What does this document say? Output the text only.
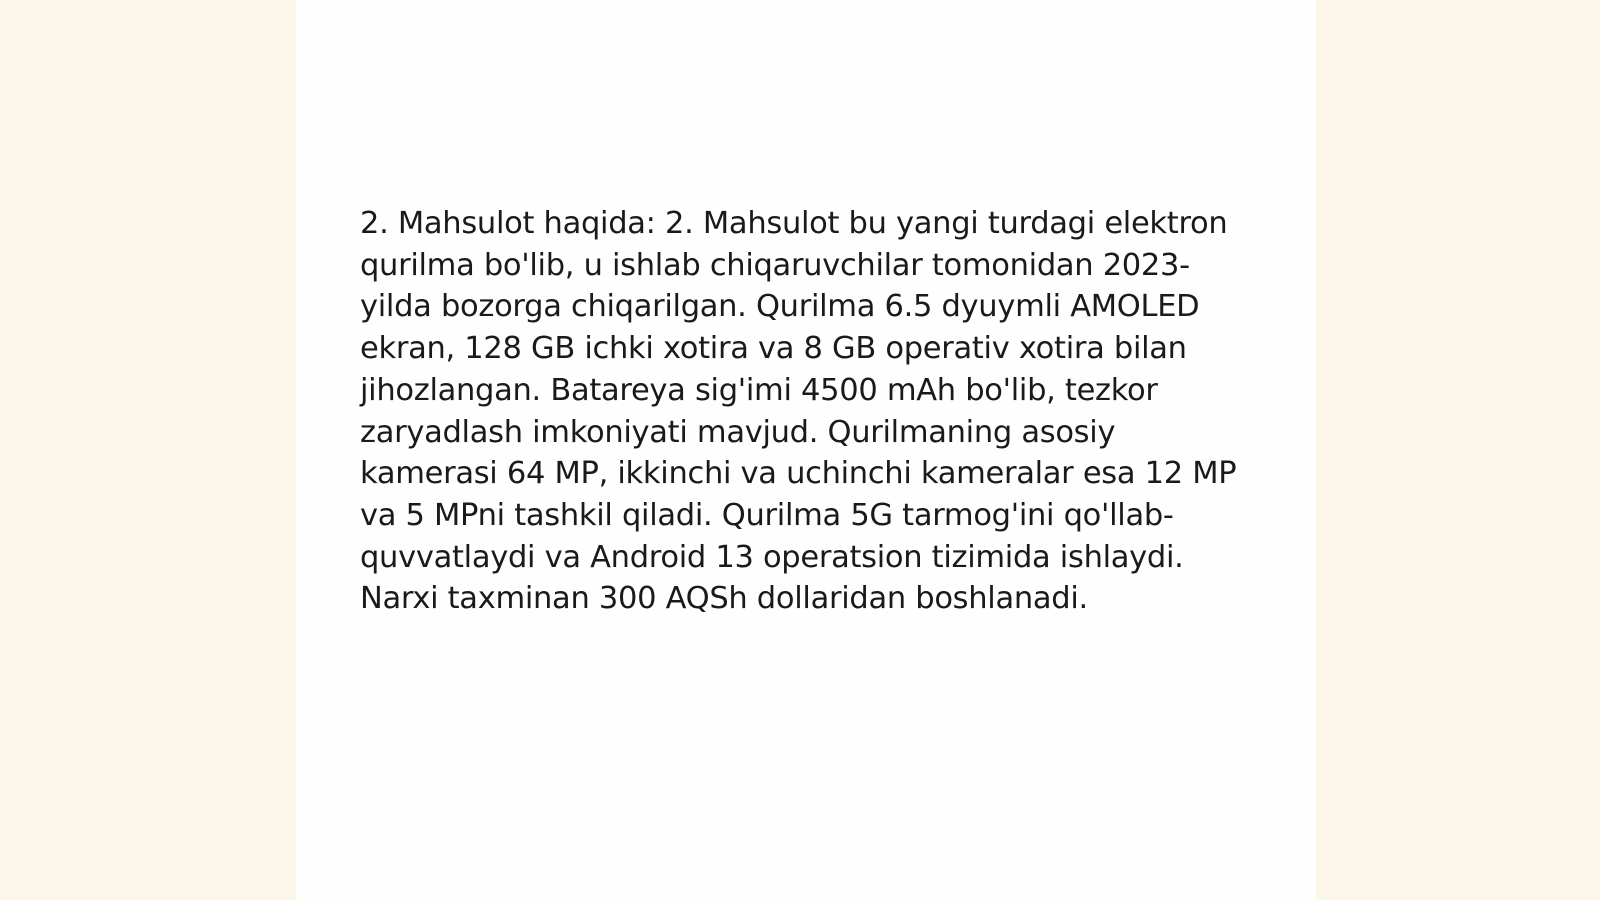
2. Mahsulot haqida: 2. Mahsulot bu yangi turdagi elektron qurilma bo'lib, u ishlab chiqaruvchilar tomonidan 2023-yilda bozorga chiqarilgan. Qurilma 6.5 dyuymli AMOLED ekran, 128 GB ichki xotira va 8 GB operativ xotira bilan jihozlangan. Batareya sig'imi 4500 mAh bo'lib, tezkor zaryadlash imkoniyati mavjud. Qurilmaning asosiy kamerasi 64 MP, ikkinchi va uchinchi kameralar esa 12 MP va 5 MPni tashkil qiladi. Qurilma 5G tarmog'ini qo'llab-quvvatlaydi va Android 13 operatsion tizimida ishlaydi. Narxi taxminan 300 AQSh dollaridan boshlanadi.
